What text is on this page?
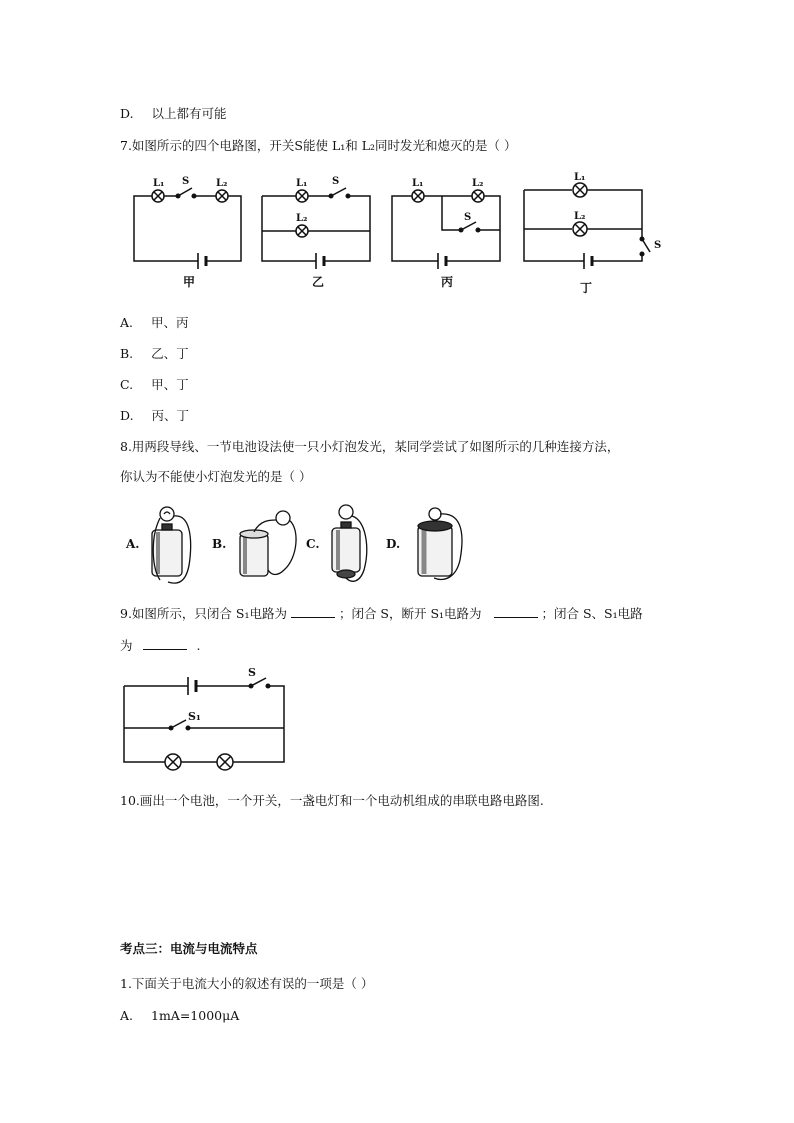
D. 以上都有可能
7.如图所示的四个电路图，开关S能使 L₁和 L₂同时发光和熄灭的是（ ）
L₁ S	L₂	L₁ S
L₂
L₁	L₂
S
L₁
L₂
S
甲	乙	丙	丁
A. 甲、丙
B. 乙、丁
C. 甲、丁
D. 丙、丁
8.用两段导线、一节电池设法使一只小灯泡发光，某同学尝试了如图所示的几种连接方法，
你认为不能使小灯泡发光的是（ ）
A.	B.	C.	D.
9.如图所示，只闭合 S₁电路为	；闭合 S，断开 S₁电路为	；闭合 S、S₁电路
为	.
S
S₁
10.画出一个电池，一个开关，一盏电灯和一个电动机组成的串联电路电路图.
考点三：电流与电流特点
1.下面关于电流大小的叙述有误的一项是（ ）
A. 1mA=1000μA
